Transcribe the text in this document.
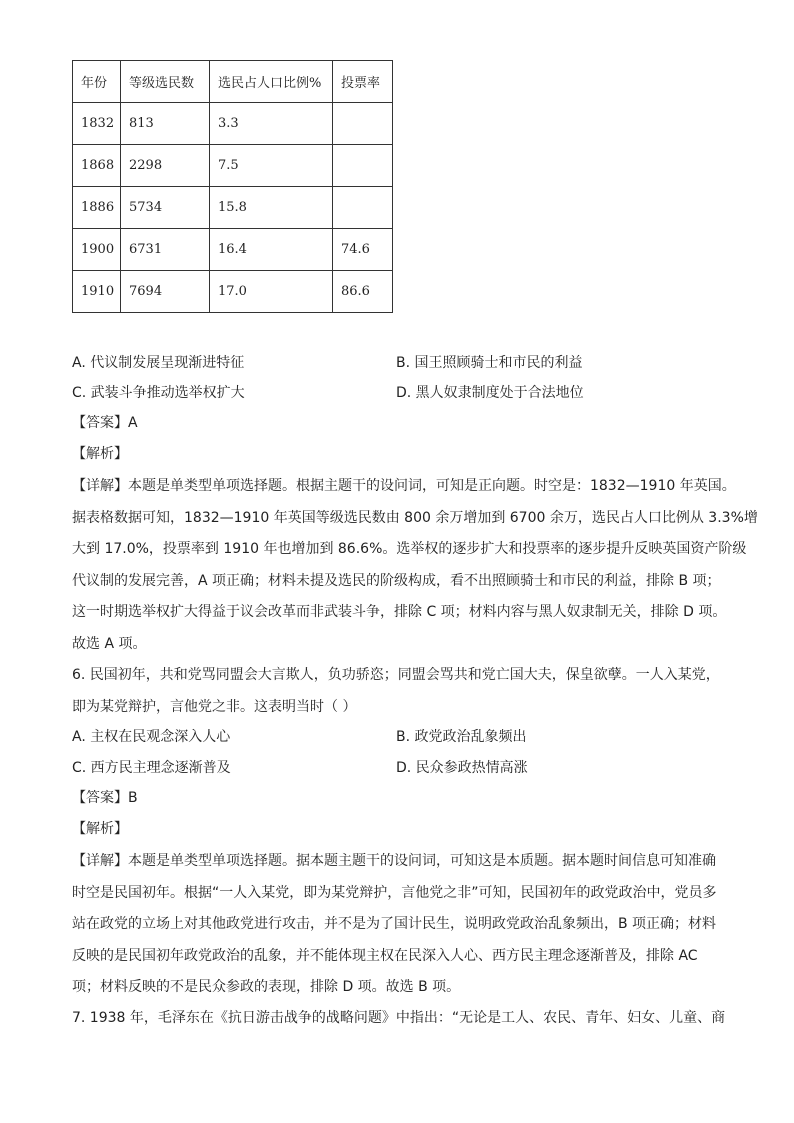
年份	等级选民数	选民占人口比例%	投票率
1832	813	3.3	
1868	2298	7.5	
1886	5734	15.8	
1900	6731	16.4	74.6
1910	7694	17.0	86.6
A. 代议制发展呈现渐进特征	B. 国王照顾骑士和市民的利益
C. 武装斗争推动选举权扩大	D. 黑人奴隶制度处于合法地位
【答案】A
【解析】
【详解】本题是单类型单项选择题。根据主题干的设问词，可知是正向题。时空是：1832—1910 年英国。
据表格数据可知，1832—1910 年英国等级选民数由 800 余万增加到 6700 余万，选民占人口比例从 3.3%增
大到 17.0%，投票率到 1910 年也增加到 86.6%。选举权的逐步扩大和投票率的逐步提升反映英国资产阶级
代议制的发展完善，A 项正确；材料未提及选民的阶级构成，看不出照顾骑士和市民的利益，排除 B 项；
这一时期选举权扩大得益于议会改革而非武装斗争，排除 C 项；材料内容与黑人奴隶制无关，排除 D 项。
故选 A 项。
6. 民国初年，共和党骂同盟会大言欺人，负功骄恣；同盟会骂共和党亡国大夫，保皇欲孽。一人入某党，
即为某党辩护，言他党之非。这表明当时（ ）
A. 主权在民观念深入人心	B. 政党政治乱象频出
C. 西方民主理念逐渐普及	D. 民众参政热情高涨
【答案】B
【解析】
【详解】本题是单类型单项选择题。据本题主题干的设问词，可知这是本质题。据本题时间信息可知准确
时空是民国初年。根据“一人入某党，即为某党辩护，言他党之非”可知，民国初年的政党政治中，党员多
站在政党的立场上对其他政党进行攻击，并不是为了国计民生，说明政党政治乱象频出，B 项正确；材料
反映的是民国初年政党政治的乱象，并不能体现主权在民深入人心、西方民主理念逐渐普及，排除 AC
项；材料反映的不是民众参政的表现，排除 D 项。故选 B 项。
7. 1938 年，毛泽东在《抗日游击战争的战略问题》中指出：“无论是工人、农民、青年、妇女、儿童、商
